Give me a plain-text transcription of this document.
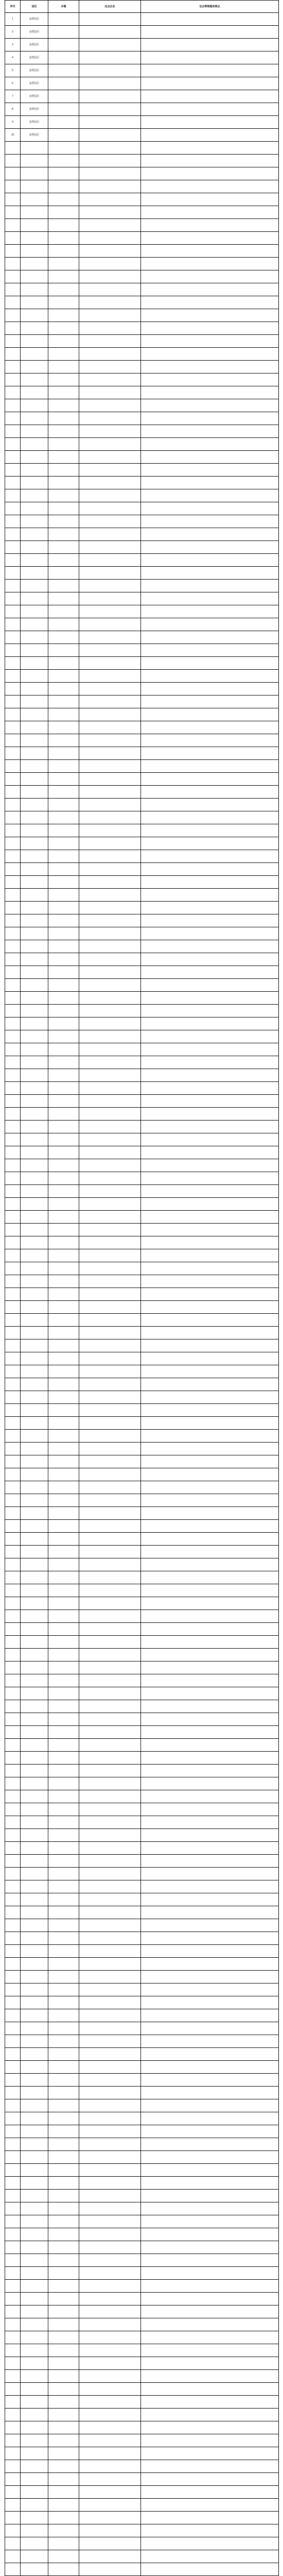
序号	县区	乡镇	定点企业	定点零售服务网点
1	金塔县区			
2	金塔县区			
3	金塔县区			
4	金塔县区			
5	金塔县区			
6	金塔县区			
7	金塔县区			
8	金塔县区			
9	金塔县区			
10	金塔县区			
